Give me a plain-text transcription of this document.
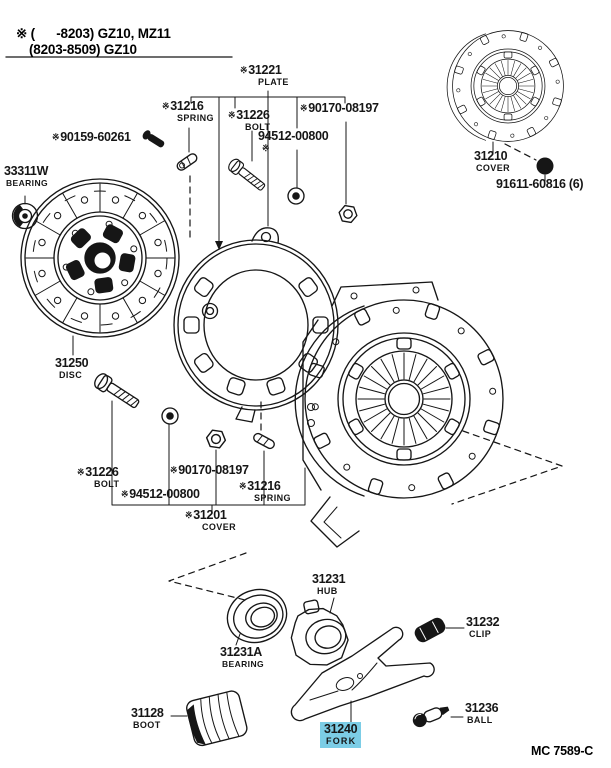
※ (      -8203) GZ10, MZ11
(8203-8509) GZ10
※31221
PLATE
※31216
SPRING ※31226
BOLT
※90170-08197
94512-00800
※
※90159-60261
33311W
BEARING
31250
DISC
31210
COVER
91611-60816 (6)
※31226
BOLT
※90170-08197
※94512-00800
※31216
SPRING
※31201
COVER
31231
HUB
31231A
BEARING
31232
CLIP
31128
BOOT	31240
FORK
31236
BALL
MC 7589-C
